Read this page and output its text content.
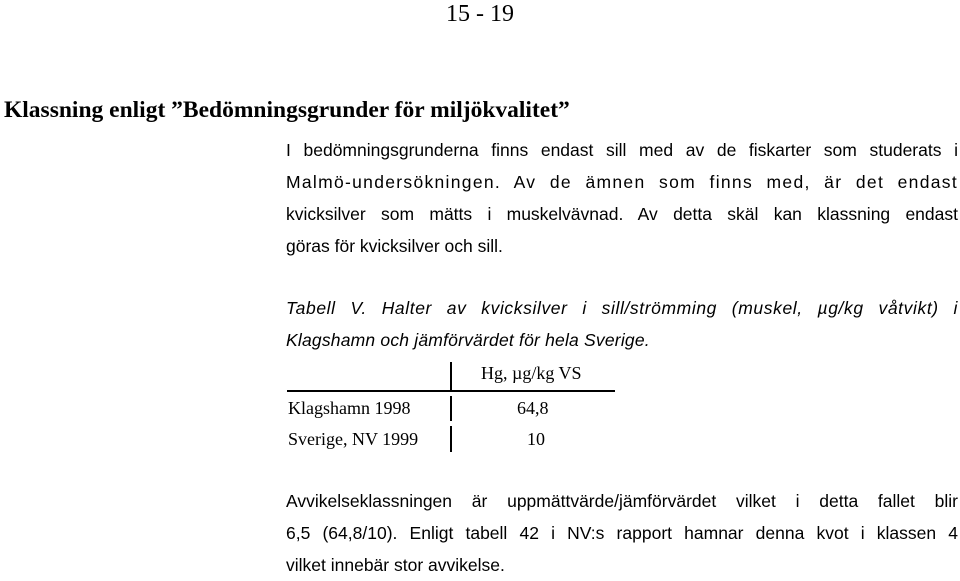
15 - 19
Klassning enligt ”Bedömningsgrunder för miljökvalitet”
I bedömningsgrunderna finns endast sill med av de fiskarter som studerats i
Malmö-undersökningen. Av de ämnen som finns med, är det endast
kvicksilver som mätts i muskelvävnad. Av detta skäl kan klassning endast
göras för kvicksilver och sill.
Tabell V. Halter av kvicksilver i sill/strömming (muskel, µg/kg våtvikt) i
Klagshamn och jämförvärdet för hela Sverige.
Hg, µg/kg VS
Klagshamn 1998	64,8
Sverige, NV 1999	10
Avvikelseklassningen är uppmättvärde/jämförvärdet vilket i detta fallet blir
6,5 (64,8/10). Enligt tabell 42 i NV:s rapport hamnar denna kvot i klassen 4
vilket innebär stor avvikelse.
